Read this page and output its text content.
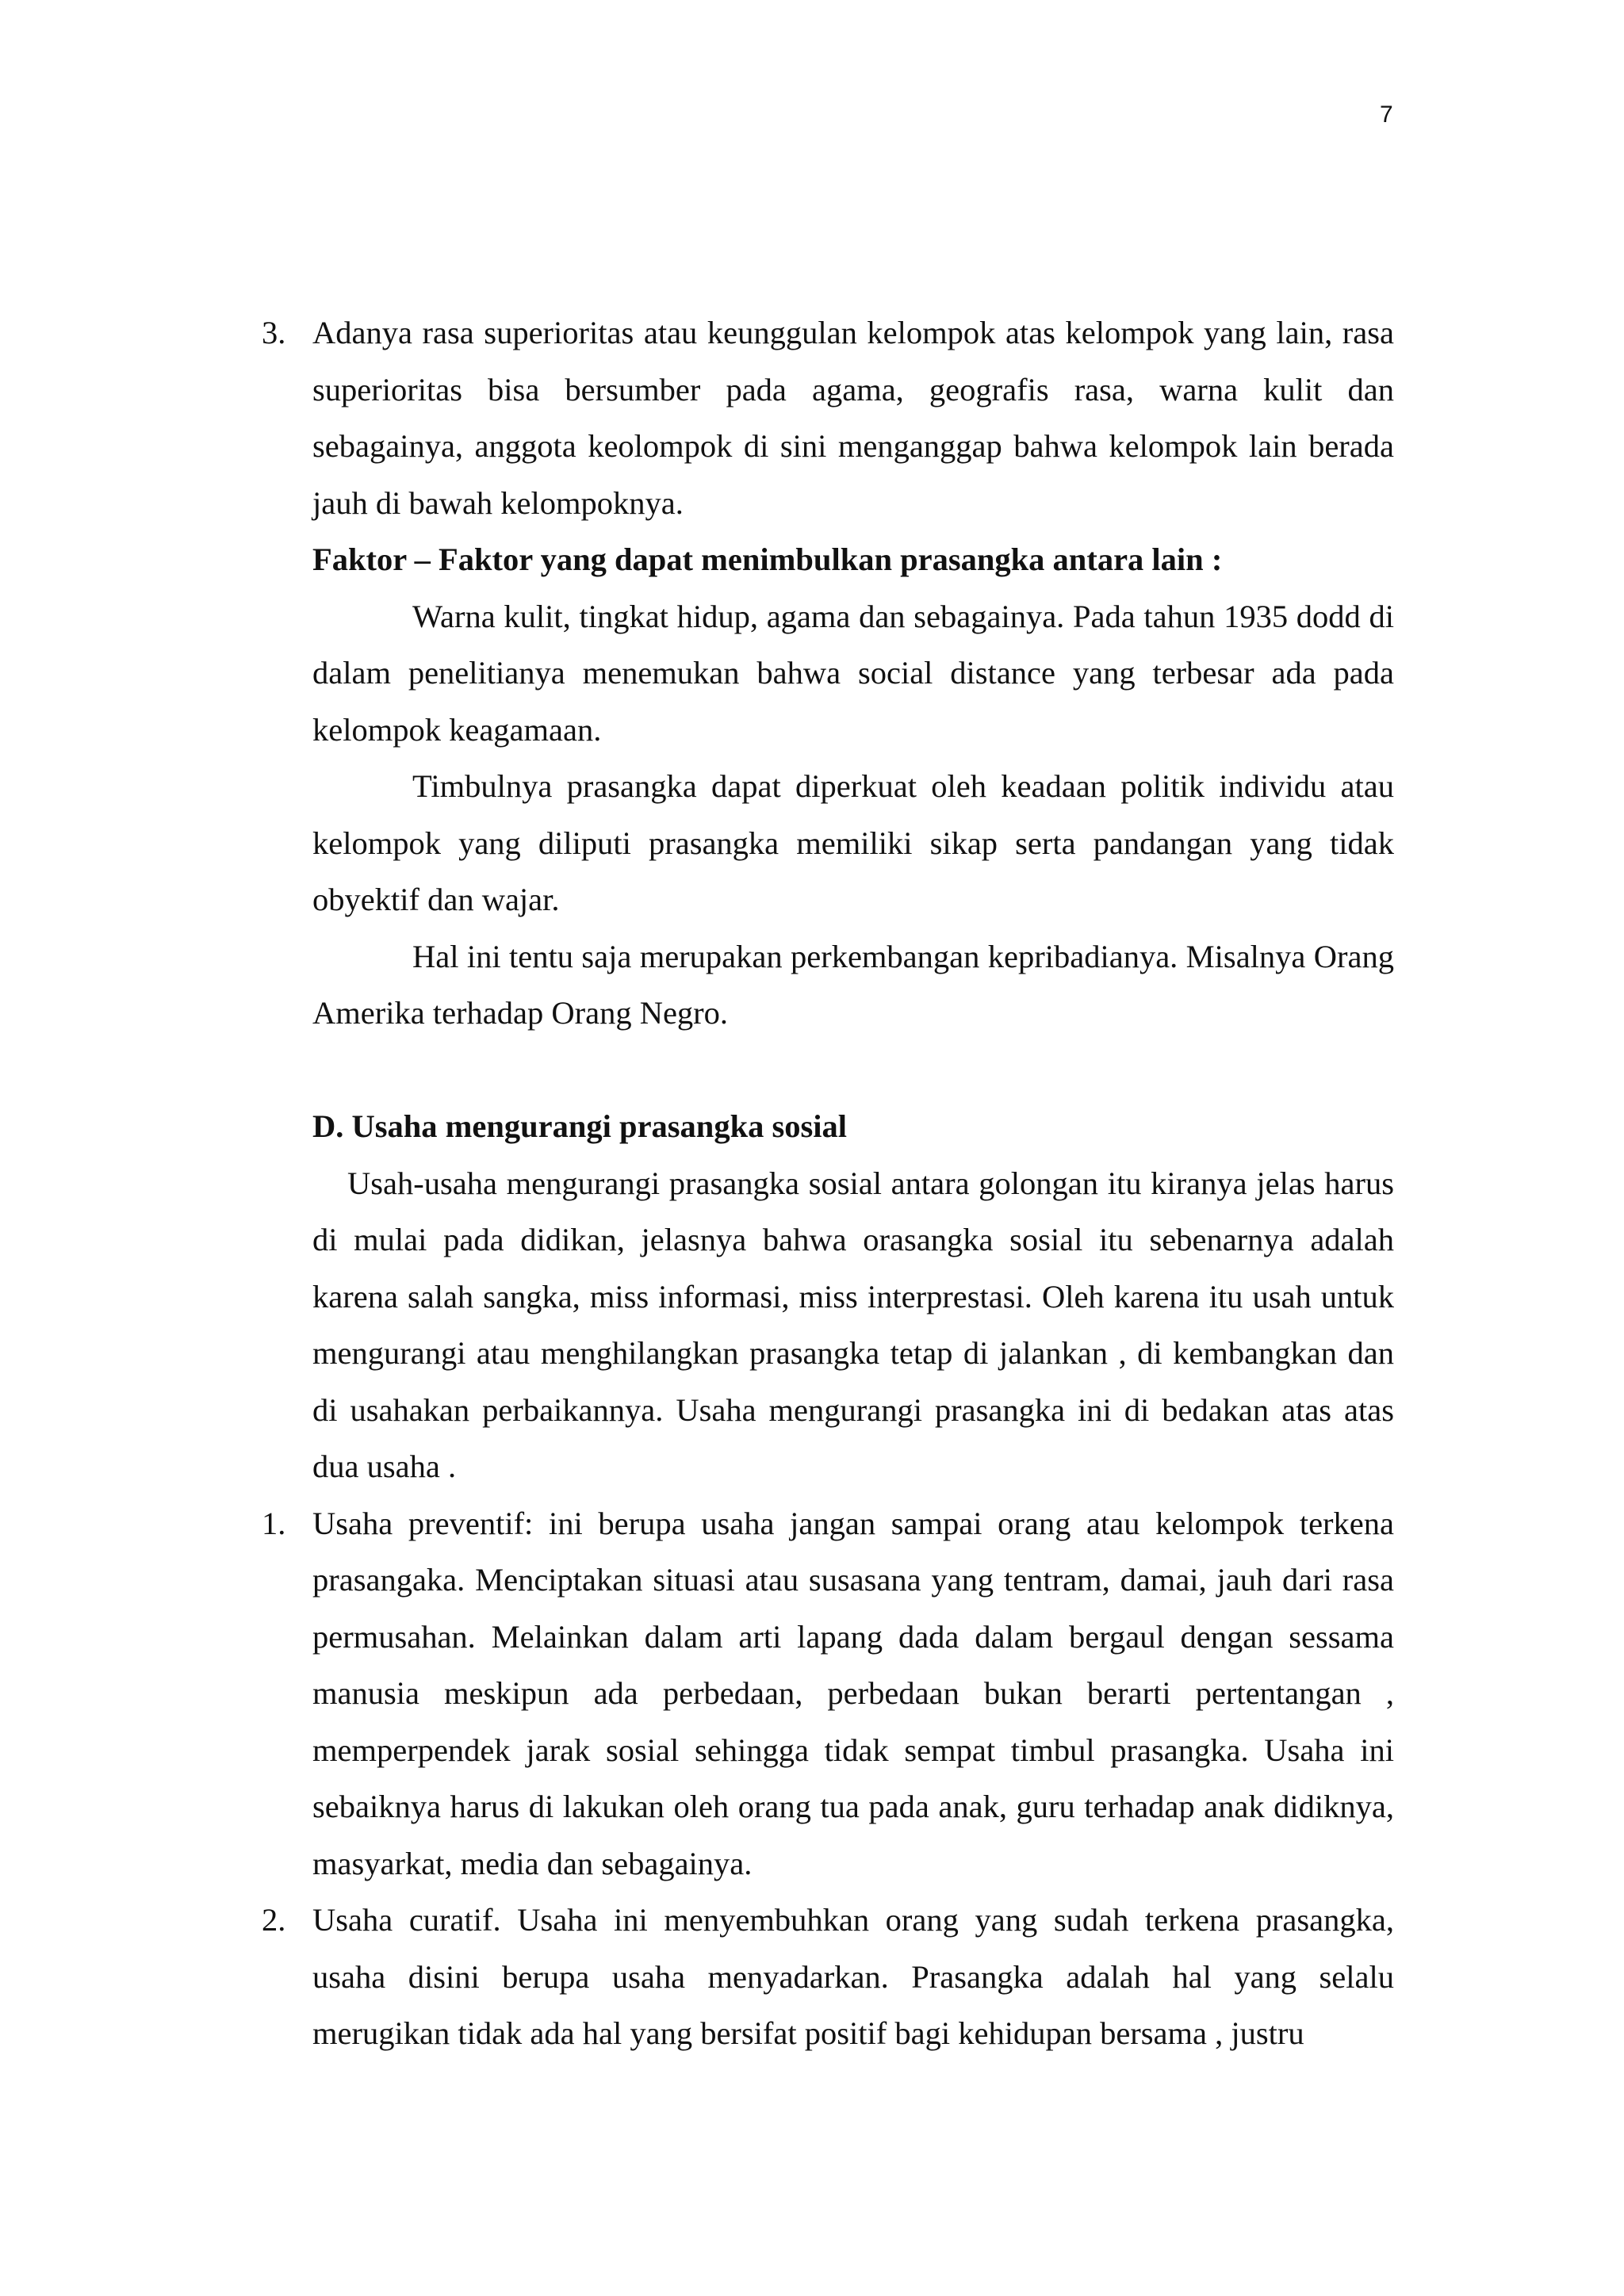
7
3. Adanya rasa superioritas atau keunggulan kelompok atas kelompok yang lain, rasa superioritas bisa bersumber pada agama, geografis rasa, warna kulit dan sebagainya, anggota keolompok di sini menganggap bahwa kelompok lain berada jauh di bawah kelompoknya.
Faktor – Faktor yang dapat menimbulkan prasangka antara lain :
Warna kulit, tingkat hidup, agama dan sebagainya. Pada tahun 1935 dodd di dalam penelitianya menemukan bahwa social distance yang terbesar ada pada kelompok keagamaan.
Timbulnya prasangka dapat diperkuat oleh keadaan politik individu atau kelompok yang diliputi prasangka memiliki sikap serta pandangan yang tidak obyektif dan wajar.
Hal ini tentu saja merupakan perkembangan kepribadianya. Misalnya Orang Amerika terhadap Orang Negro.
D. Usaha mengurangi prasangka sosial
Usah-usaha mengurangi prasangka sosial antara golongan itu kiranya jelas harus di mulai pada didikan, jelasnya bahwa orasangka sosial itu sebenarnya adalah karena salah sangka, miss informasi, miss interprestasi. Oleh karena itu usah untuk mengurangi atau menghilangkan prasangka tetap di jalankan , di kembangkan dan di usahakan perbaikannya. Usaha mengurangi prasangka ini di bedakan atas atas dua usaha .
1. Usaha preventif: ini berupa usaha jangan sampai orang atau kelompok terkena prasangaka. Menciptakan situasi atau susasana yang tentram, damai, jauh dari rasa permusahan. Melainkan dalam arti lapang dada dalam bergaul dengan sessama manusia meskipun ada perbedaan, perbedaan bukan berarti pertentangan , memperpendek jarak sosial sehingga tidak sempat timbul prasangka. Usaha ini sebaiknya harus di lakukan oleh orang tua pada anak, guru terhadap anak didiknya, masyarkat, media dan sebagainya.
2. Usaha curatif. Usaha ini menyembuhkan orang yang sudah terkena prasangka, usaha disini berupa usaha menyadarkan. Prasangka adalah hal yang selalu merugikan tidak ada hal yang bersifat positif bagi kehidupan bersama , justru
